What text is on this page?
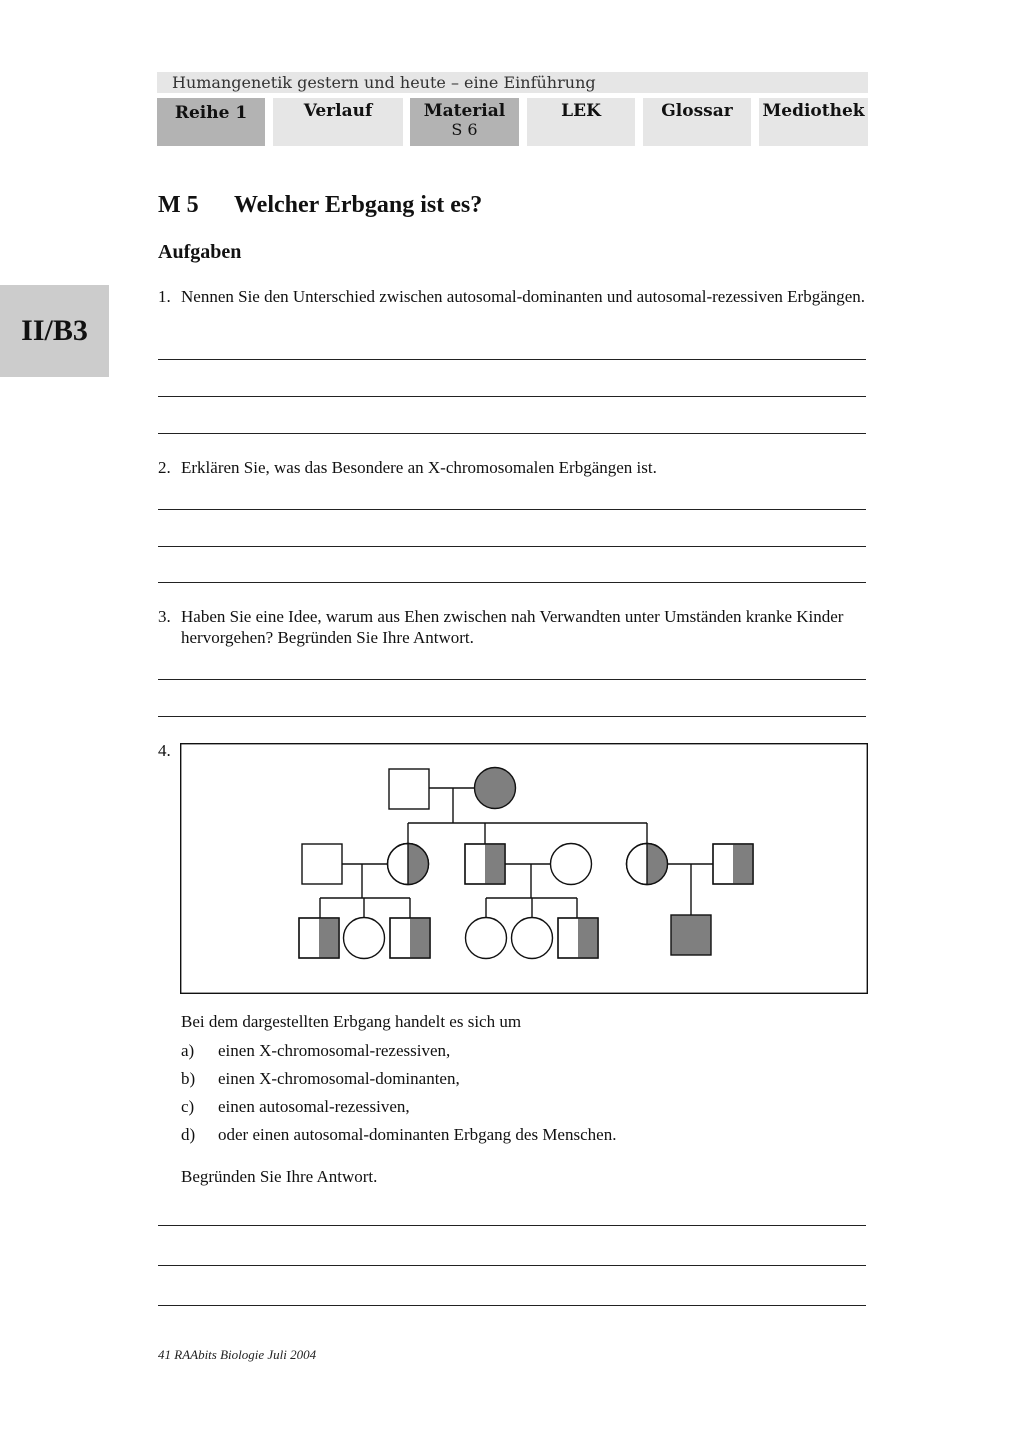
Humangenetik gestern und heute – eine Einführung
Reihe 1	Verlauf	Material
S 6
LEK	Glossar	Mediothek
II/B3
M 5 Welcher Erbgang ist es?
Aufgaben
1. Nennen Sie den Unterschied zwischen autosomal-dominanten und autosomal-rezessiven Erbgängen.
2. Erklären Sie, was das Besondere an X-chromosomalen Erbgängen ist.
3. Haben Sie eine Idee, warum aus Ehen zwischen nah Verwandten unter Umständen kranke Kinder hervorgehen? Begründen Sie Ihre Antwort.
4.
Bei dem dargestellten Erbgang handelt es sich um
a) einen X-chromosomal-rezessiven,
b) einen X-chromosomal-dominanten,
c) einen autosomal-rezessiven,
d) oder einen autosomal-dominanten Erbgang des Menschen.
Begründen Sie Ihre Antwort.
41 RAAbits Biologie Juli 2004
